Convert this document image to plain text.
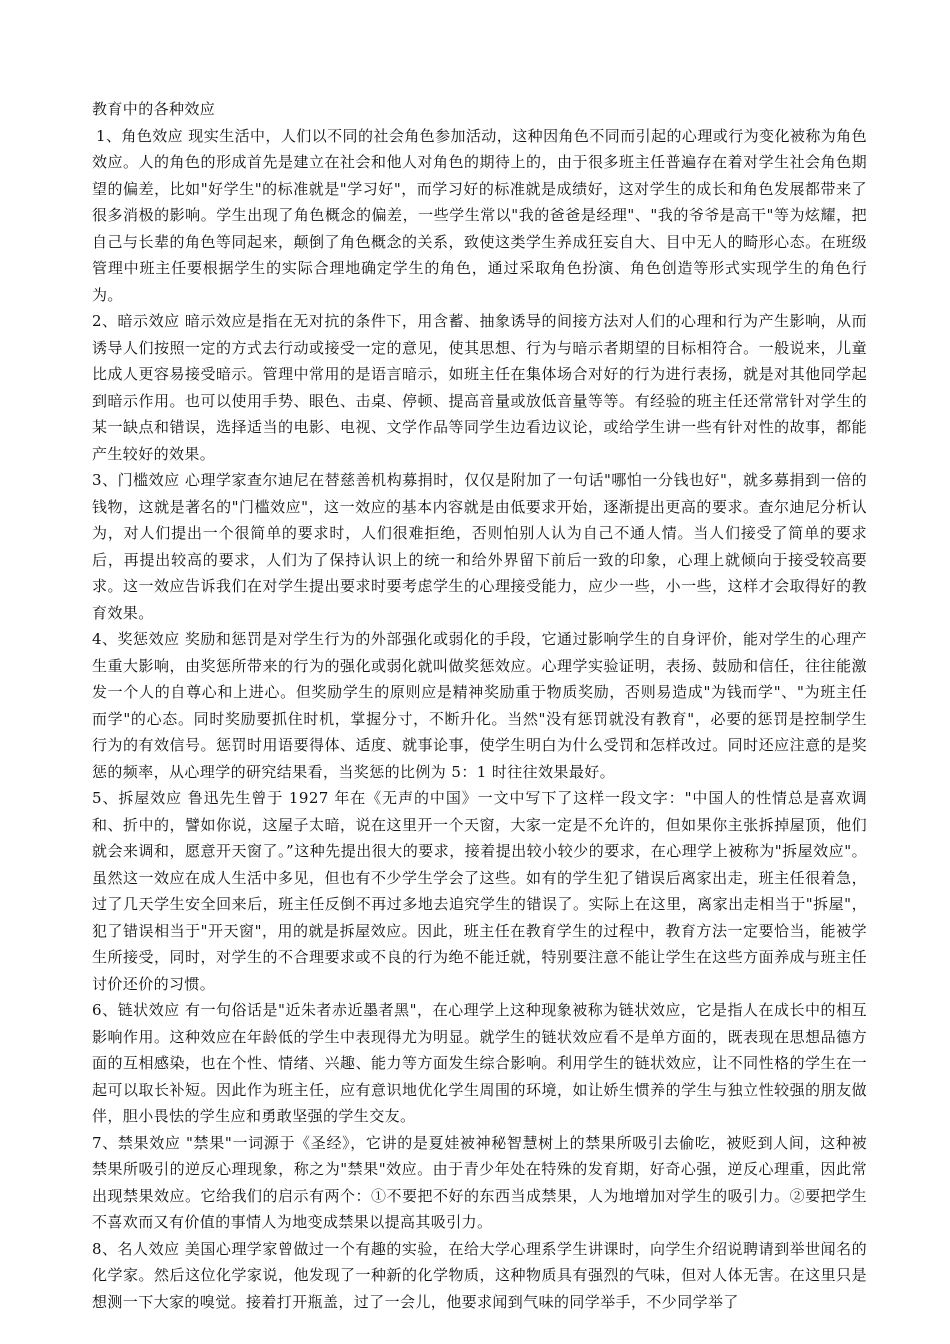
教育中的各种效应

1、角色效应 现实生活中，人们以不同的社会角色参加活动，这种因角色不同而引起的心理或行为变化被称为角色效应。人的角色的形成首先是建立在社会和他人对角色的期待上的，由于很多班主任普遍存在着对学生社会角色期望的偏差，比如"好学生"的标准就是"学习好"，而学习好的标准就是成绩好，这对学生的成长和角色发展都带来了很多消极的影响。学生出现了角色概念的偏差，一些学生常以"我的爸爸是经理"、"我的爷爷是高干"等为炫耀，把自己与长辈的角色等同起来，颠倒了角色概念的关系，致使这类学生养成狂妄自大、目中无人的畸形心态。在班级管理中班主任要根据学生的实际合理地确定学生的角色，通过采取角色扮演、角色创造等形式实现学生的角色行为。

2、暗示效应 暗示效应是指在无对抗的条件下，用含蓄、抽象诱导的间接方法对人们的心理和行为产生影响，从而诱导人们按照一定的方式去行动或接受一定的意见，使其思想、行为与暗示者期望的目标相符合。一般说来，儿童比成人更容易接受暗示。管理中常用的是语言暗示，如班主任在集体场合对好的行为进行表扬，就是对其他同学起到暗示作用。也可以使用手势、眼色、击桌、停顿、提高音量或放低音量等等。有经验的班主任还常常针对学生的某一缺点和错误，选择适当的电影、电视、文学作品等同学生边看边议论，或给学生讲一些有针对性的故事，都能产生较好的效果。

3、门槛效应 心理学家查尔迪尼在替慈善机构募捐时，仅仅是附加了一句话"哪怕一分钱也好"，就多募捐到一倍的钱物，这就是著名的"门槛效应"，这一效应的基本内容就是由低要求开始，逐渐提出更高的要求。查尔迪尼分析认为，对人们提出一个很简单的要求时，人们很难拒绝，否则怕别人认为自己不通人情。当人们接受了简单的要求后，再提出较高的要求，人们为了保持认识上的统一和给外界留下前后一致的印象，心理上就倾向于接受较高要求。这一效应告诉我们在对学生提出要求时要考虑学生的心理接受能力，应少一些，小一些，这样才会取得好的教育效果。

4、奖惩效应 奖励和惩罚是对学生行为的外部强化或弱化的手段，它通过影响学生的自身评价，能对学生的心理产生重大影响，由奖惩所带来的行为的强化或弱化就叫做奖惩效应。心理学实验证明，表扬、鼓励和信任，往往能激发一个人的自尊心和上进心。但奖励学生的原则应是精神奖励重于物质奖励，否则易造成"为钱而学"、"为班主任而学"的心态。同时奖励要抓住时机，掌握分寸，不断升化。当然"没有惩罚就没有教育"，必要的惩罚是控制学生行为的有效信号。惩罚时用语要得体、适度、就事论事，使学生明白为什么受罚和怎样改过。同时还应注意的是奖惩的频率，从心理学的研究结果看，当奖惩的比例为 5：1 时往往效果最好。

5、拆屋效应 鲁迅先生曾于 1927 年在《无声的中国》一文中写下了这样一段文字："中国人的性情总是喜欢调和、折中的，譬如你说，这屋子太暗，说在这里开一个天窗，大家一定是不允许的，但如果你主张拆掉屋顶，他们就会来调和，愿意开天窗了。”这种先提出很大的要求，接着提出较小较少的要求，在心理学上被称为"拆屋效应"。虽然这一效应在成人生活中多见，但也有不少学生学会了这些。如有的学生犯了错误后离家出走，班主任很着急，过了几天学生安全回来后，班主任反倒不再过多地去追究学生的错误了。实际上在这里，离家出走相当于"拆屋"，犯了错误相当于"开天窗"，用的就是拆屋效应。因此，班主任在教育学生的过程中，教育方法一定要恰当，能被学生所接受，同时，对学生的不合理要求或不良的行为绝不能迁就，特别要注意不能让学生在这些方面养成与班主任讨价还价的习惯。

6、链状效应 有一句俗话是"近朱者赤近墨者黑"，在心理学上这种现象被称为链状效应，它是指人在成长中的相互影响作用。这种效应在年龄低的学生中表现得尤为明显。就学生的链状效应看不是单方面的，既表现在思想品德方面的互相感染，也在个性、情绪、兴趣、能力等方面发生综合影响。利用学生的链状效应，让不同性格的学生在一起可以取长补短。因此作为班主任，应有意识地优化学生周围的环境，如让娇生惯养的学生与独立性较强的朋友做伴，胆小畏怯的学生应和勇敢坚强的学生交友。

7、禁果效应 "禁果"一词源于《圣经》，它讲的是夏娃被神秘智慧树上的禁果所吸引去偷吃，被贬到人间，这种被禁果所吸引的逆反心理现象，称之为"禁果"效应。由于青少年处在特殊的发育期，好奇心强，逆反心理重，因此常出现禁果效应。它给我们的启示有两个：①不要把不好的东西当成禁果，人为地增加对学生的吸引力。②要把学生不喜欢而又有价值的事情人为地变成禁果以提高其吸引力。

8、名人效应 美国心理学家曾做过一个有趣的实验，在给大学心理系学生讲课时，向学生介绍说聘请到举世闻名的化学家。然后这位化学家说，他发现了一种新的化学物质，这种物质具有强烈的气味，但对人体无害。在这里只是想测一下大家的嗅觉。接着打开瓶盖，过了一会儿，他要求闻到气味的同学举手，不少同学举了
